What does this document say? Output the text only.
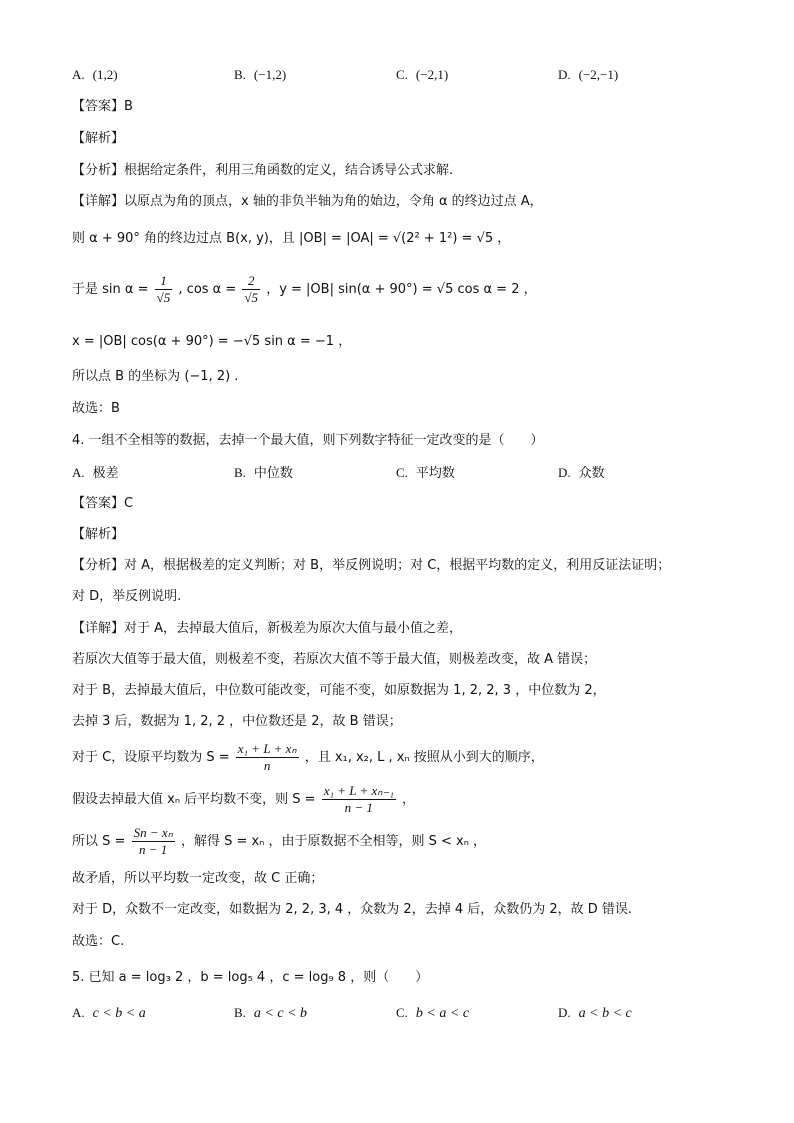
A. (1,2)	B. (−1,2)	C. (−2,1)	D. (−2,−1)
【答案】B
【解析】
【分析】根据给定条件，利用三角函数的定义，结合诱导公式求解.
【详解】以原点为角的顶点，x 轴的非负半轴为角的始边，令角 α 的终边过点 A，
则 α + 90° 角的终边过点 B(x, y)，且 |OB| = |OA| = √(2² + 1²) = √5 ，
于是 $\sin \alpha = \frac{1}{√5}$ , $\cos \alpha = \frac{2}{√5}$ ，y = |OB| sin(α + 90°) = √5 cos α = 2 ，
x = |OB| cos(α + 90°) = −√5 sin α = −1 ，
所以点 B 的坐标为 (−1, 2) .
故选：B
4. 一组不全相等的数据，去掉一个最大值，则下列数字特征一定改变的是（　　）
A. 极差	B. 中位数	C. 平均数	D. 众数
【答案】C
【解析】
【分析】对 A，根据极差的定义判断；对 B，举反例说明；对 C，根据平均数的定义，利用反证法证明；
对 D，举反例说明.
【详解】对于 A，去掉最大值后，新极差为原次大值与最小值之差，
若原次大值等于最大值，则极差不变，若原次大值不等于最大值，则极差改变，故 A 错误；
对于 B，去掉最大值后，中位数可能改变，可能不变，如原数据为 1, 2, 2, 3 ，中位数为 2，
去掉 3 后，数据为 1, 2, 2 ，中位数还是 2，故 B 错误；
对于 C，设原平均数为 $S = \frac{\text{x₁ + L + xₙ}}{n}$ ，且 x₁, x₂, L , xₙ 按照从小到大的顺序，
假设去掉最大值 xₙ 后平均数不变，则 $S = \frac{\text{x₁ + L + xₙ₋₁}}{n - 1}$ ，
所以 $S = \frac{\text{Sn − xₙ}}{n - 1}$ ，解得 S = xₙ ，由于原数据不全相等，则 S < xₙ ，
故矛盾，所以平均数一定改变，故 C 正确；
对于 D，众数不一定改变，如数据为 2, 2, 3, 4 ，众数为 2，去掉 4 后，众数仍为 2，故 D 错误.
故选：C.
5. 已知 a = log₃ 2 ，b = log₅ 4 ，c = log₉ 8 ，则（　　）
A. c < b < a	B. a < c < b	C. b < a < c	D. a < b < c
